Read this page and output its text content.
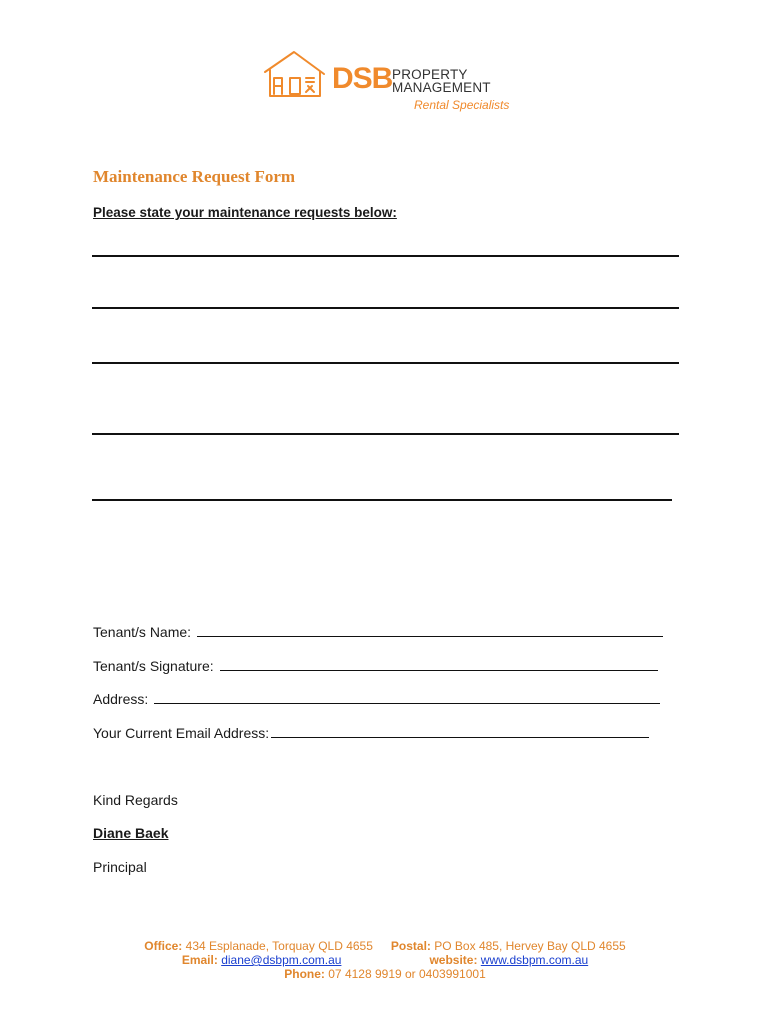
DSB PROPERTY
MANAGEMENT
Rental Specialists
Maintenance Request Form
Please state your maintenance requests below:
Tenant/s Name:
Tenant/s Signature:
Address:
Your Current Email Address:
Kind Regards
Diane Baek
Principal
Office: 434 Esplanade, Torquay QLD 4655 Postal: PO Box 485, Hervey Bay QLD 4655
Email: diane@dsbpm.com.au	website: www.dsbpm.com.au
Phone: 07 4128 9919 or 0403991001
